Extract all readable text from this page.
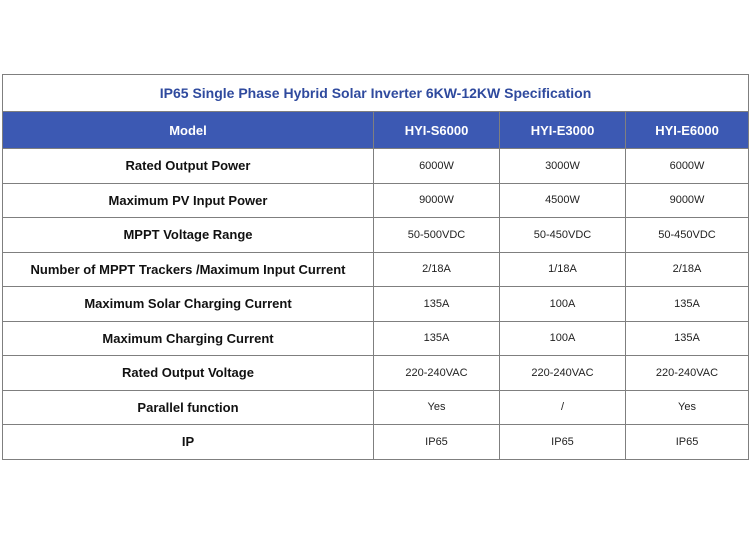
IP65 Single Phase Hybrid Solar Inverter 6KW-12KW Specification			
Model	HYI-S6000	HYI-E3000	HYI-E6000
Rated Output Power	6000W	3000W	6000W
Maximum PV Input Power	9000W	4500W	9000W
MPPT Voltage Range	50-500VDC	50-450VDC	50-450VDC
Number of MPPT Trackers /Maximum Input Current	2/18A	1/18A	2/18A
Maximum Solar Charging Current	135A	100A	135A
Maximum Charging Current	135A	100A	135A
Rated Output Voltage	220-240VAC	220-240VAC	220-240VAC
Parallel function	Yes	/	Yes
IP	IP65	IP65	IP65
